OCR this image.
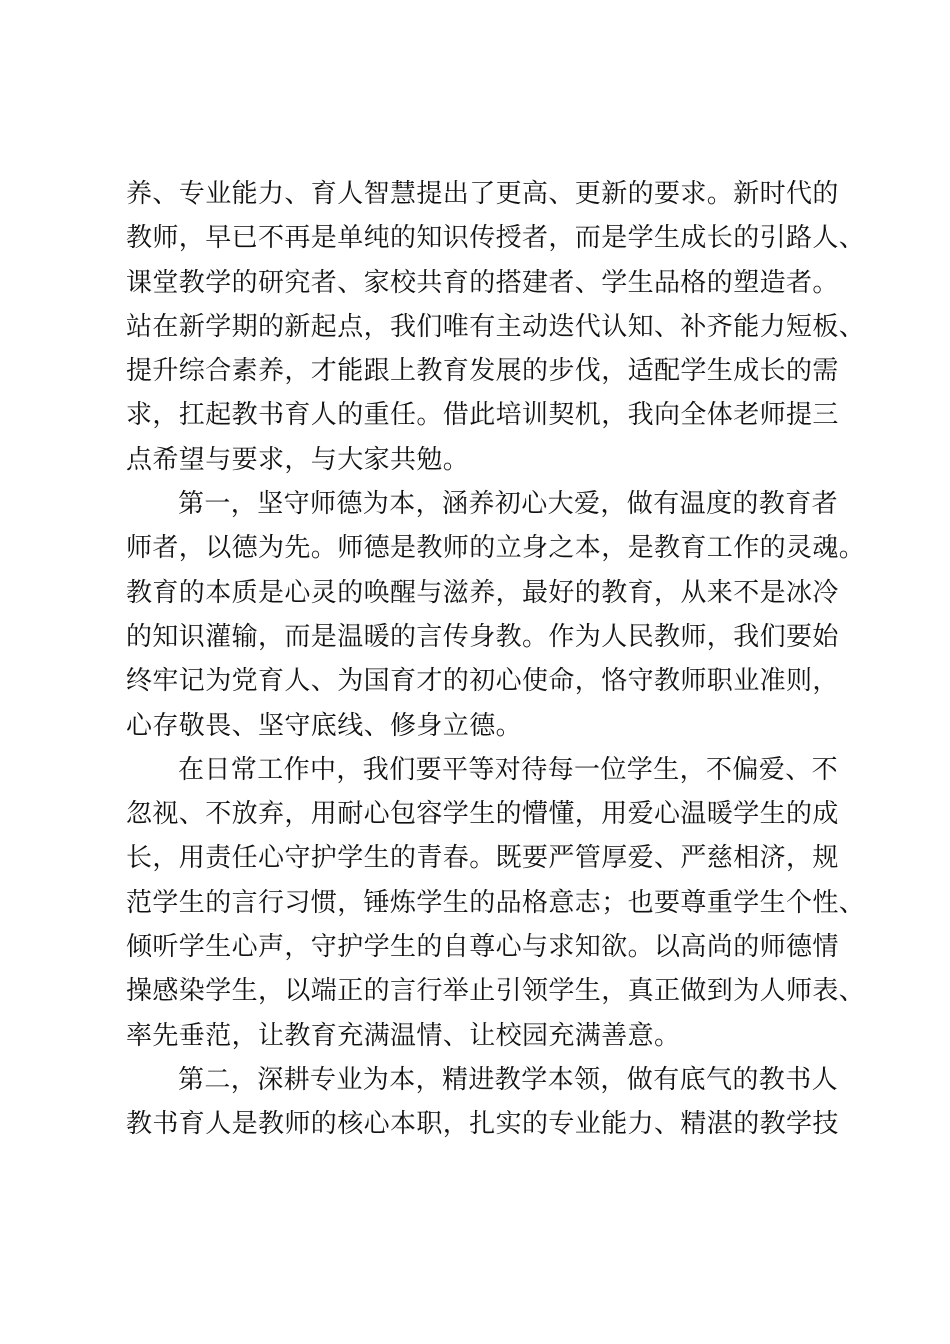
养、专业能力、育人智慧提出了更高、更新的要求。新时代的
教师，早已不再是单纯的知识传授者，而是学生成长的引路人、
课堂教学的研究者、家校共育的搭建者、学生品格的塑造者。
站在新学期的新起点，我们唯有主动迭代认知、补齐能力短板、
提升综合素养，才能跟上教育发展的步伐，适配学生成长的需
求，扛起教书育人的重任。借此培训契机，我向全体老师提三
点希望与要求，与大家共勉。
第一，坚守师德为本，涵养初心大爱，做有温度的教育者
师者，以德为先。师德是教师的立身之本，是教育工作的灵魂。
教育的本质是心灵的唤醒与滋养，最好的教育，从来不是冰冷
的知识灌输，而是温暖的言传身教。作为人民教师，我们要始
终牢记为党育人、为国育才的初心使命，恪守教师职业准则，
心存敬畏、坚守底线、修身立德。
在日常工作中，我们要平等对待每一位学生，不偏爱、不
忽视、不放弃，用耐心包容学生的懵懂，用爱心温暖学生的成
长，用责任心守护学生的青春。既要严管厚爱、严慈相济，规
范学生的言行习惯，锤炼学生的品格意志；也要尊重学生个性、
倾听学生心声，守护学生的自尊心与求知欲。以高尚的师德情
操感染学生，以端正的言行举止引领学生，真正做到为人师表、
率先垂范，让教育充满温情、让校园充满善意。
第二，深耕专业为本，精进教学本领，做有底气的教书人
教书育人是教师的核心本职，扎实的专业能力、精湛的教学技
